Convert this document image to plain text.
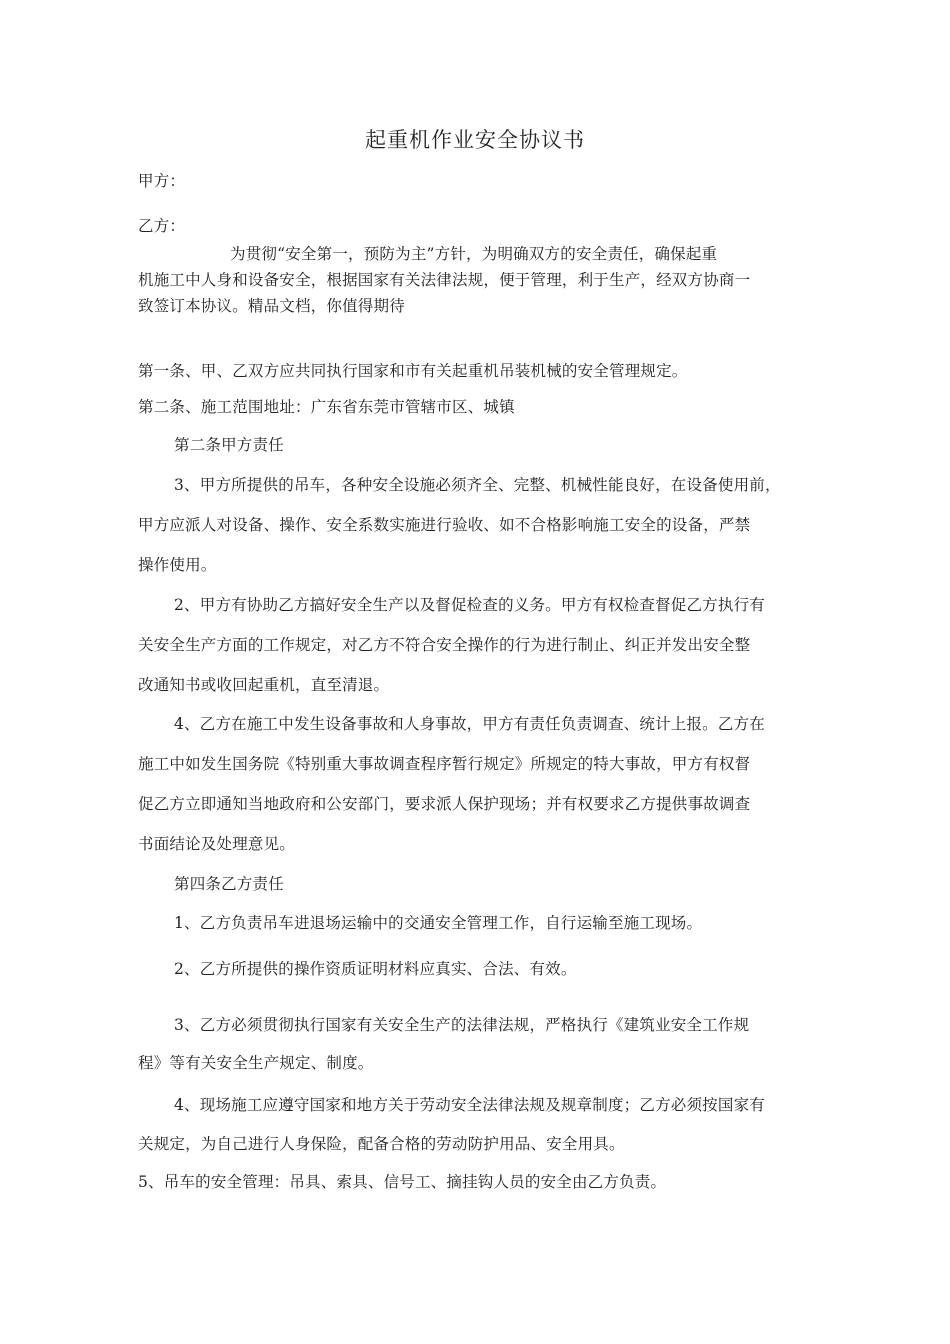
起重机作业安全协议书
甲方：
乙方：
为贯彻“安全第一，预防为主”方针，为明确双方的安全责任，确保起重
机施工中人身和设备安全，根据国家有关法律法规，便于管理，利于生产，经双方协商一
致签订本协议。精品文档，你值得期待
第一条、甲、乙双方应共同执行国家和市有关起重机吊装机械的安全管理规定。
第二条、施工范围地址：广东省东莞市管辖市区、城镇
第二条甲方责任
3、甲方所提供的吊车，各种安全设施必须齐全、完整、机械性能良好，在设备使用前，
甲方应派人对设备、操作、安全系数实施进行验收、如不合格影响施工安全的设备，严禁
操作使用。
2、甲方有协助乙方搞好安全生产以及督促检查的义务。甲方有权检查督促乙方执行有
关安全生产方面的工作规定，对乙方不符合安全操作的行为进行制止、纠正并发出安全整
改通知书或收回起重机，直至清退。
4、乙方在施工中发生设备事故和人身事故，甲方有责任负责调查、统计上报。乙方在
施工中如发生国务院《特别重大事故调查程序暂行规定》所规定的特大事故，甲方有权督
促乙方立即通知当地政府和公安部门，要求派人保护现场；并有权要求乙方提供事故调查
书面结论及处理意见。
第四条乙方责任
1、乙方负责吊车进退场运输中的交通安全管理工作，自行运输至施工现场。
2、乙方所提供的操作资质证明材料应真实、合法、有效。
3、乙方必须贯彻执行国家有关安全生产的法律法规，严格执行《建筑业安全工作规
程》等有关安全生产规定、制度。
4、现场施工应遵守国家和地方关于劳动安全法律法规及规章制度；乙方必须按国家有
关规定，为自己进行人身保险，配备合格的劳动防护用品、安全用具。
5、吊车的安全管理：吊具、索具、信号工、摘挂钩人员的安全由乙方负责。
